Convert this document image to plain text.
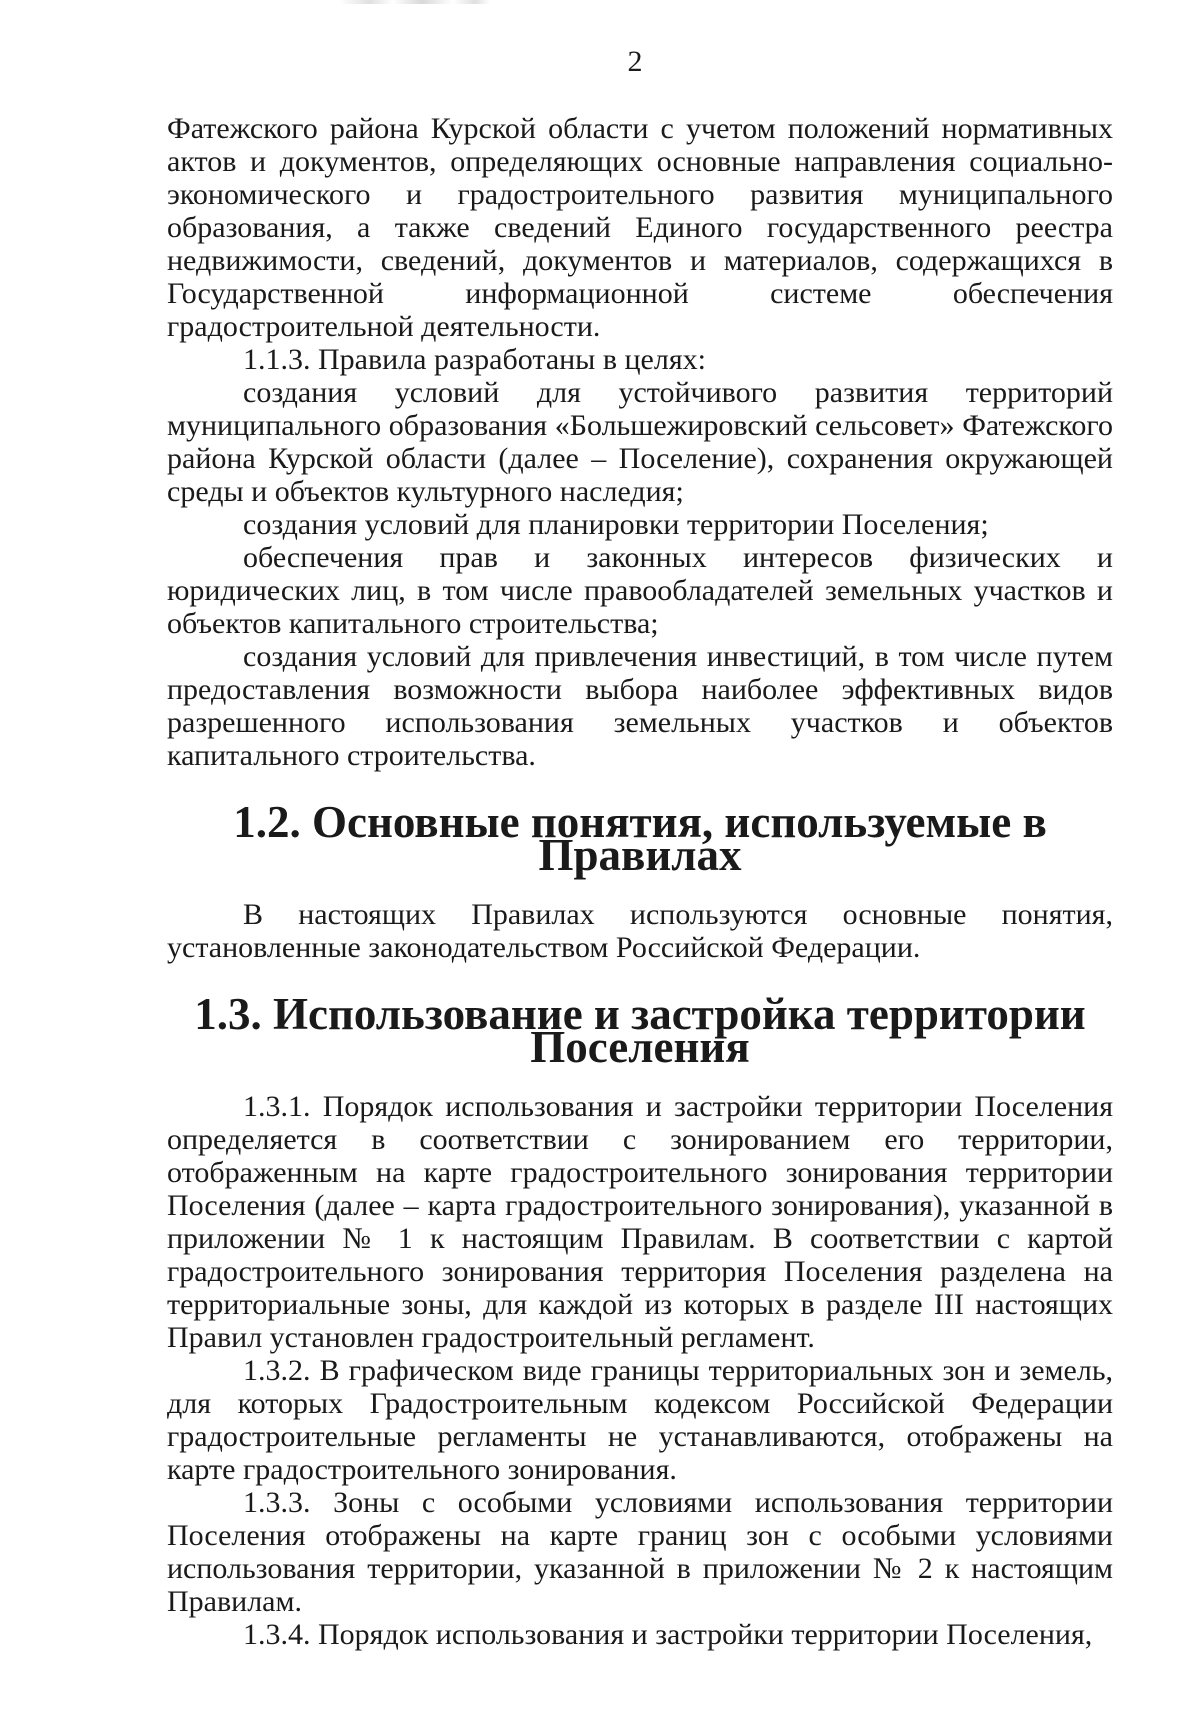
2

Фатежского района Курской области с учетом положений нормативных актов и документов, определяющих основные направления социально-экономического и градостроительного развития муниципального образования, а также сведений Единого государственного реестра недвижимости, сведений, документов и материалов, содержащихся в Государственной информационной системе обеспечения градостроительной деятельности.

1.1.3. Правила разработаны в целях:

создания условий для устойчивого развития территорий муниципального образования «Большежировский сельсовет» Фатежского района Курской области (далее – Поселение), сохранения окружающей среды и объектов культурного наследия;

создания условий для планировки территории Поселения;

обеспечения прав и законных интересов физических и юридических лиц, в том числе правообладателей земельных участков и объектов капитального строительства;

создания условий для привлечения инвестиций, в том числе путем предоставления возможности выбора наиболее эффективных видов разрешенного использования земельных участков и объектов капитального строительства.

1.2. Основные понятия, используемые в Правилах

В настоящих Правилах используются основные понятия, установленные законодательством Российской Федерации.

1.3. Использование и застройка территории Поселения

1.3.1. Порядок использования и застройки территории Поселения определяется в соответствии с зонированием его территории, отображенным на карте градостроительного зонирования территории Поселения (далее – карта градостроительного зонирования), указанной в приложении № 1 к настоящим Правилам. В соответствии с картой градостроительного зонирования территория Поселения разделена на территориальные зоны, для каждой из которых в разделе III настоящих Правил установлен градостроительный регламент.

1.3.2. В графическом виде границы территориальных зон и земель, для которых Градостроительным кодексом Российской Федерации градостроительные регламенты не устанавливаются, отображены на карте градостроительного зонирования.

1.3.3. Зоны с особыми условиями использования территории Поселения отображены на карте границ зон с особыми условиями использования территории, указанной в приложении № 2 к настоящим Правилам.

1.3.4. Порядок использования и застройки территории Поселения,
